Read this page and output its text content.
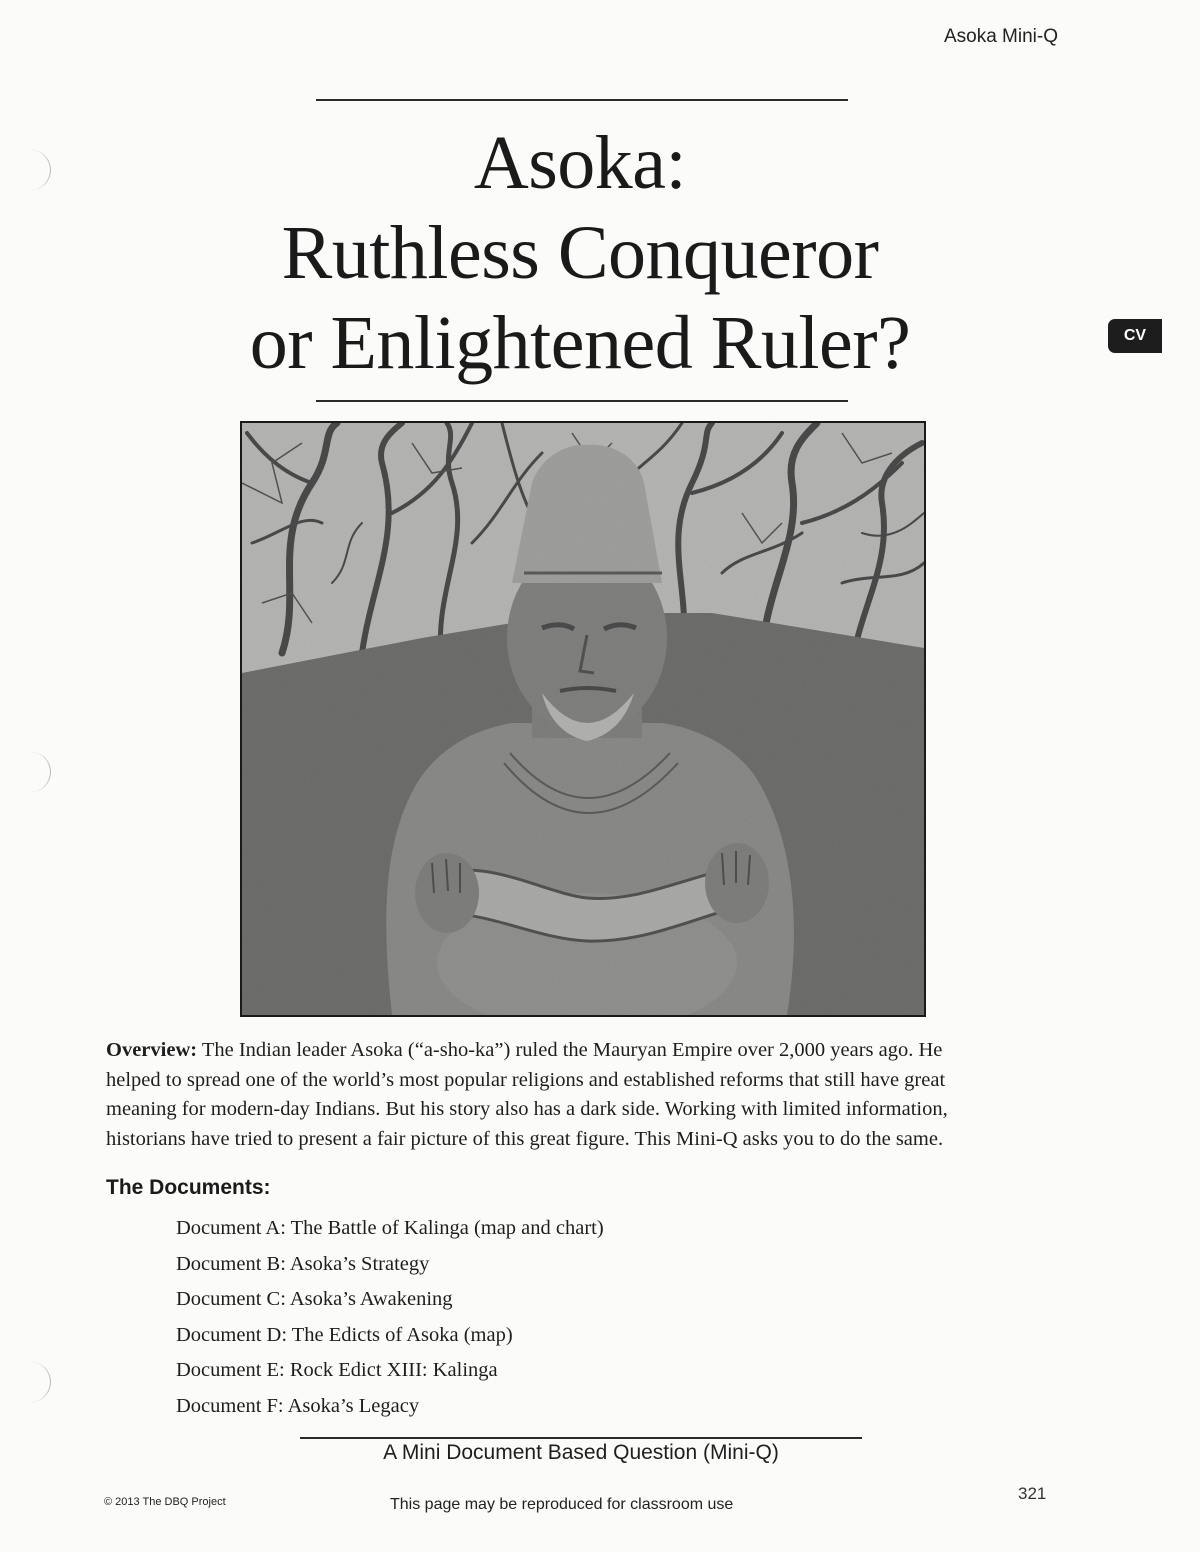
Asoka Mini-Q
Asoka:
Ruthless Conqueror
or Enlightened Ruler?	CV
Overview: The Indian leader Asoka (“a-sho-ka”) ruled the Mauryan Empire over 2,000 years ago. He
helped to spread one of the world’s most popular religions and established reforms that still have great
meaning for modern-day Indians. But his story also has a dark side. Working with limited information,
historians have tried to present a fair picture of this great figure. This Mini-Q asks you to do the same.
The Documents:
Document A: The Battle of Kalinga (map and chart)
Document B: Asoka’s Strategy
Document C: Asoka’s Awakening
Document D: The Edicts of Asoka (map)
Document E: Rock Edict XIII: Kalinga
Document F: Asoka’s Legacy
A Mini Document Based Question (Mini-Q)
© 2013 The DBQ Project	This page may be reproduced for classroom use
321
